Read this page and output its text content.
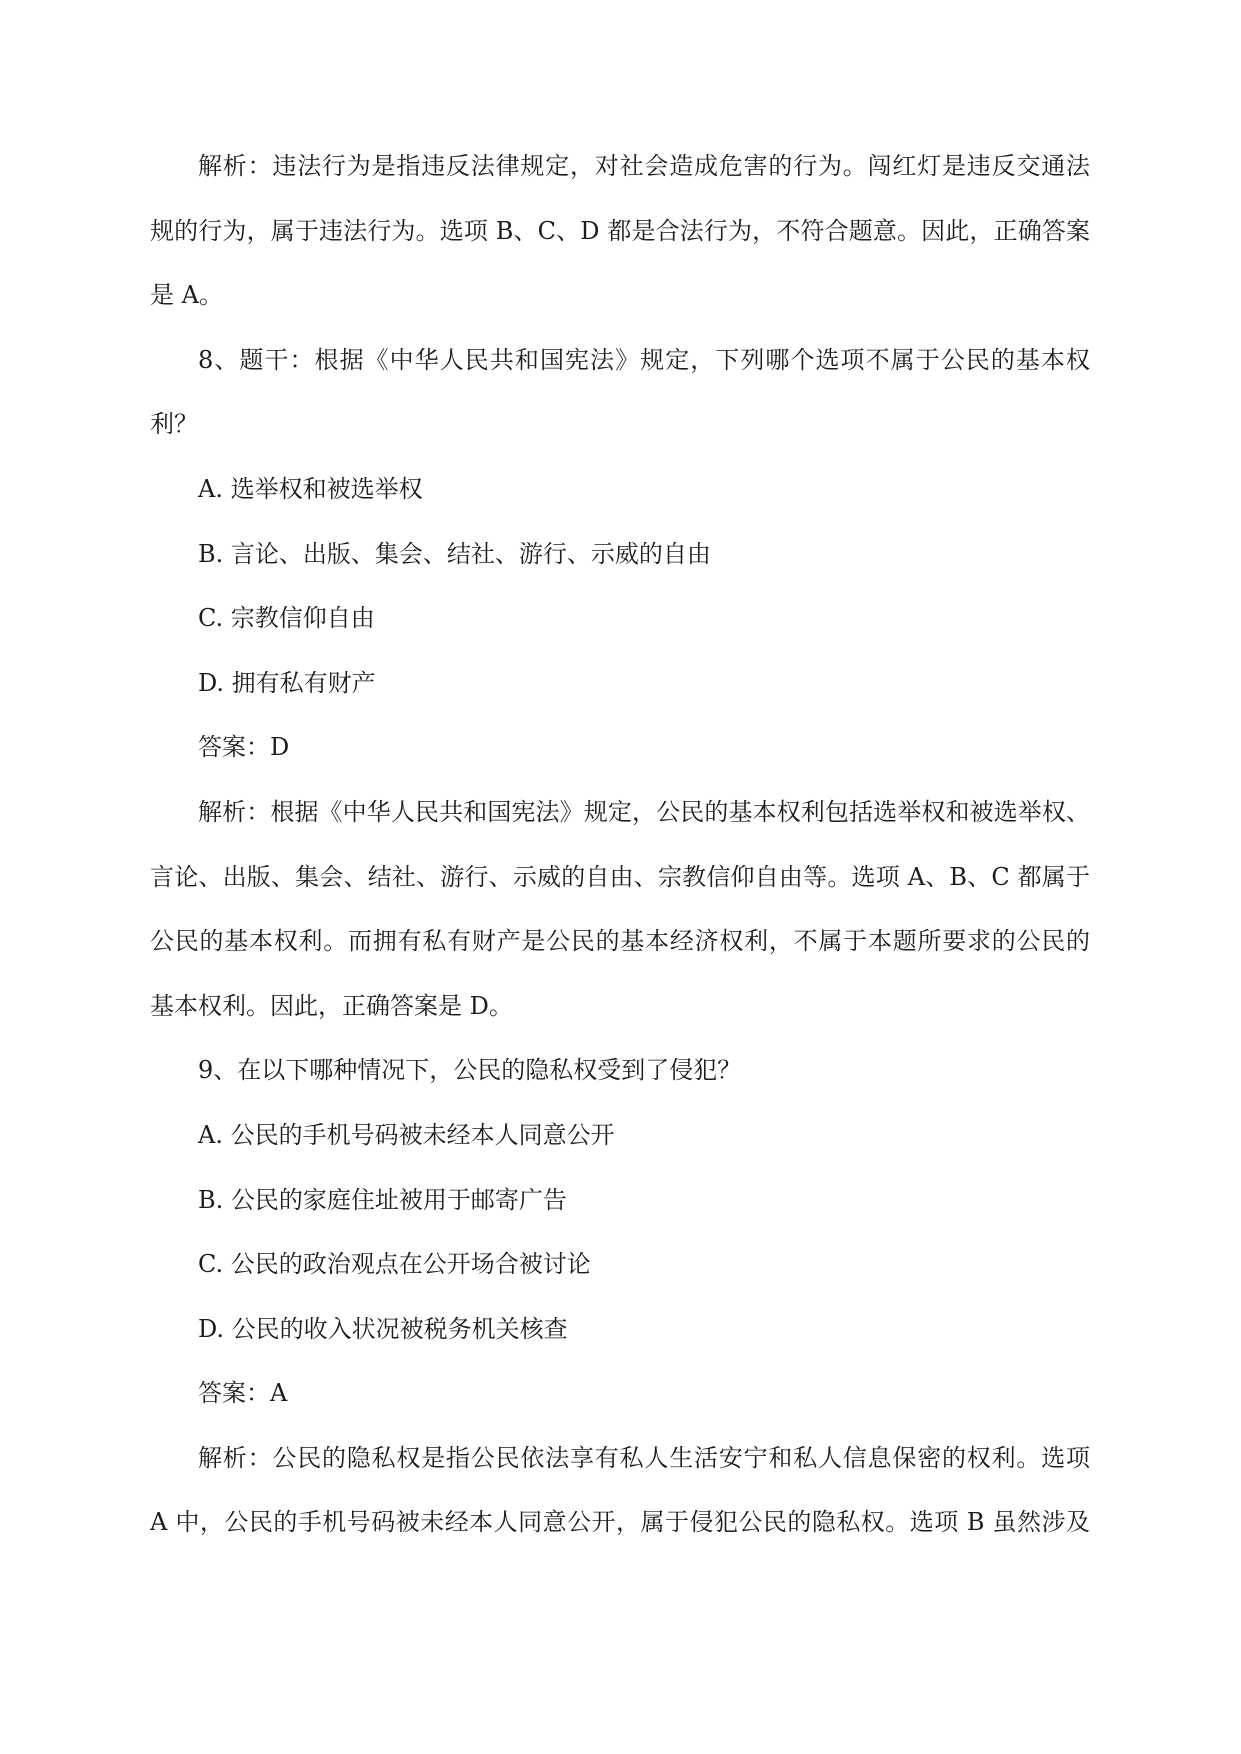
解析：违法行为是指违反法律规定，对社会造成危害的行为。闯红灯是违反交通法
规的行为，属于违法行为。选项 B、C、D 都是合法行为，不符合题意。因此，正确答案
是 A。
8、题干：根据《中华人民共和国宪法》规定，下列哪个选项不属于公民的基本权
利？
A. 选举权和被选举权
B. 言论、出版、集会、结社、游行、示威的自由
C. 宗教信仰自由
D. 拥有私有财产
答案：D
解析：根据《中华人民共和国宪法》规定，公民的基本权利包括选举权和被选举权、
言论、出版、集会、结社、游行、示威的自由、宗教信仰自由等。选项 A、B、C 都属于
公民的基本权利。而拥有私有财产是公民的基本经济权利，不属于本题所要求的公民的
基本权利。因此，正确答案是 D。
9、在以下哪种情况下，公民的隐私权受到了侵犯？
A. 公民的手机号码被未经本人同意公开
B. 公民的家庭住址被用于邮寄广告
C. 公民的政治观点在公开场合被讨论
D. 公民的收入状况被税务机关核查
答案：A
解析：公民的隐私权是指公民依法享有私人生活安宁和私人信息保密的权利。选项
A 中，公民的手机号码被未经本人同意公开，属于侵犯公民的隐私权。选项 B 虽然涉及
